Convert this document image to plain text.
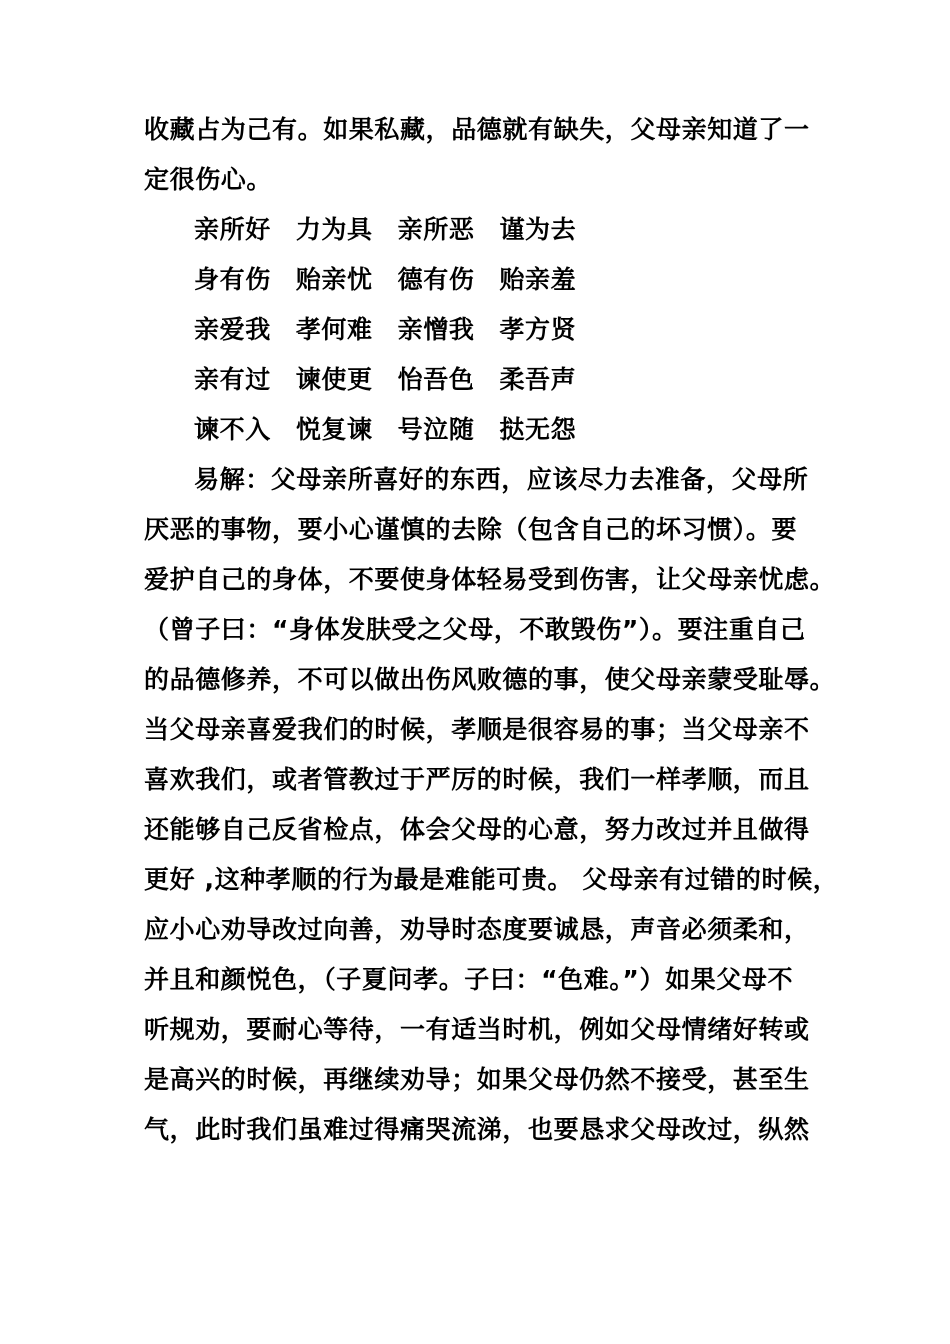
收藏占为己有。如果私藏，品德就有缺失，父母亲知道了一
定很伤心。
亲所好 力为具 亲所恶 谨为去
身有伤 贻亲忧 德有伤 贻亲羞
亲爱我 孝何难 亲憎我 孝方贤
亲有过 谏使更 怡吾色 柔吾声
谏不入 悦复谏 号泣随 挞无怨
易解：父母亲所喜好的东西，应该尽力去准备，父母所
厌恶的事物，要小心谨慎的去除（包含自己的坏习惯）。要
爱护自己的身体，不要使身体轻易受到伤害，让父母亲忧虑。
（曾子曰：“身体发肤受之父母，不敢毁伤”）。要注重自己
的品德修养，不可以做出伤风败德的事，使父母亲蒙受耻辱。
当父母亲喜爱我们的时候，孝顺是很容易的事；当父母亲不
喜欢我们，或者管教过于严厉的时候，我们一样孝顺，而且
还能够自己反省检点，体会父母的心意，努力改过并且做得
更好 ,这种孝顺的行为最是难能可贵。 父母亲有过错的时候，
应小心劝导改过向善，劝导时态度要诚恳，声音必须柔和，
并且和颜悦色，（子夏问孝。子曰：“色难。”）如果父母不
听规劝，要耐心等待，一有适当时机，例如父母情绪好转或
是高兴的时候，再继续劝导；如果父母仍然不接受，甚至生
气，此时我们虽难过得痛哭流涕，也要恳求父母改过，纵然
